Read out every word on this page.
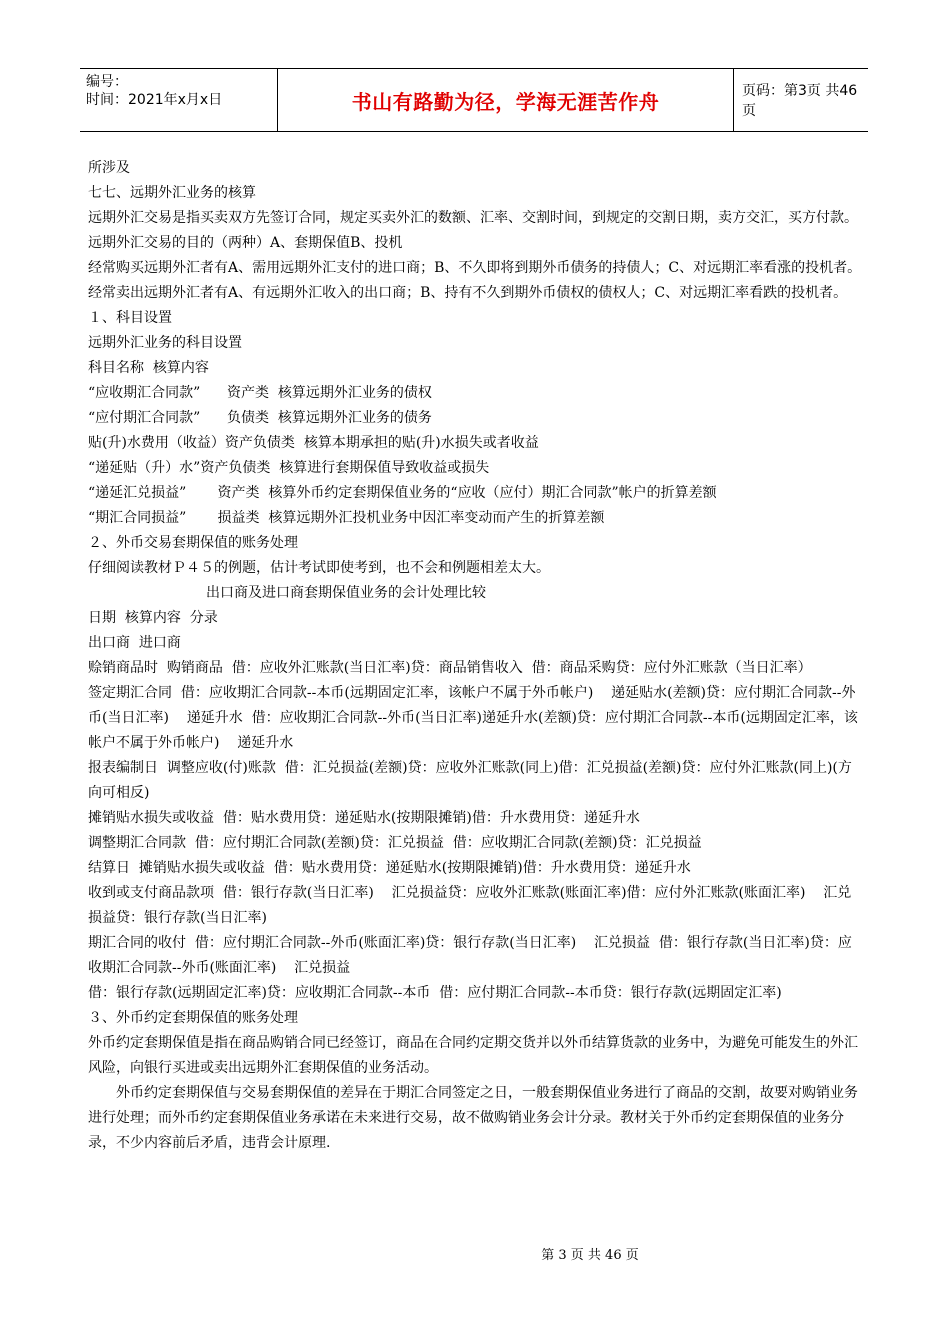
编号：
时间：2021年x月x日	书山有路勤为径，学海无涯苦作舟	页码：第3页 共46页

所涉及

七七、远期外汇业务的核算

远期外汇交易是指买卖双方先签订合同，规定买卖外汇的数额、汇率、交割时间，到规定的交割日期，卖方交汇，买方付款。远期外汇交易的目的（两种）A、套期保值B、投机

经常购买远期外汇者有A、需用远期外汇支付的进口商；B、不久即将到期外币债务的持债人；C、对远期汇率看涨的投机者。经常卖出远期外汇者有A、有远期外汇收入的出口商；B、持有不久到期外币债权的债权人；C、对远期汇率看跌的投机者。

１、科目设置

远期外汇业务的科目设置

科目名称  核算内容

“应收期汇合同款”      资产类  核算远期外汇业务的债权

“应付期汇合同款”      负债类  核算远期外汇业务的债务

贴(升)水费用（收益）资产负债类  核算本期承担的贴(升)水损失或者收益

“递延贴（升）水”资产负债类  核算进行套期保值导致收益或损失

“递延汇兑损益”       资产类  核算外币约定套期保值业务的“应收（应付）期汇合同款”帐户的折算差额

“期汇合同损益”       损益类  核算远期外汇投机业务中因汇率变动而产生的折算差额

２、外币交易套期保值的账务处理

仔细阅读教材Ｐ４５的例题，估计考试即使考到，也不会和例题相差太大。

出口商及进口商套期保值业务的会计处理比较

日期  核算内容  分录

出口商  进口商

赊销商品时  购销商品  借：应收外汇账款(当日汇率)贷：商品销售收入  借：商品采购贷：应付外汇账款（当日汇率）

签定期汇合同  借：应收期汇合同款--本币(远期固定汇率，该帐户不属于外币帐户)    递延贴水(差额)贷：应付期汇合同款--外币(当日汇率)    递延升水  借：应收期汇合同款--外币(当日汇率)递延升水(差额)贷：应付期汇合同款--本币(远期固定汇率，该帐户不属于外币帐户)    递延升水

报表编制日  调整应收(付)账款  借：汇兑损益(差额)贷：应收外汇账款(同上)借：汇兑损益(差额)贷：应付外汇账款(同上)(方向可相反)

摊销贴水损失或收益  借：贴水费用贷：递延贴水(按期限摊销)借：升水费用贷：递延升水

调整期汇合同款  借：应付期汇合同款(差额)贷：汇兑损益  借：应收期汇合同款(差额)贷：汇兑损益

结算日  摊销贴水损失或收益  借：贴水费用贷：递延贴水(按期限摊销)借：升水费用贷：递延升水

收到或支付商品款项  借：银行存款(当日汇率)    汇兑损益贷：应收外汇账款(账面汇率)借：应付外汇账款(账面汇率)    汇兑损益贷：银行存款(当日汇率)

期汇合同的收付  借：应付期汇合同款--外币(账面汇率)贷：银行存款(当日汇率)    汇兑损益  借：银行存款(当日汇率)贷：应收期汇合同款--外币(账面汇率)    汇兑损益

借：银行存款(远期固定汇率)贷：应收期汇合同款--本币  借：应付期汇合同款--本币贷：银行存款(远期固定汇率)

３、外币约定套期保值的账务处理

外币约定套期保值是指在商品购销合同已经签订，商品在合同约定期交货并以外币结算货款的业务中，为避免可能发生的外汇风险，向银行买进或卖出远期外汇套期保值的业务活动。

外币约定套期保值与交易套期保值的差异在于期汇合同签定之日，一般套期保值业务进行了商品的交割，故要对购销业务进行处理；而外币约定套期保值业务承诺在未来进行交易，故不做购销业务会计分录。教材关于外币约定套期保值的业务分录，不少内容前后矛盾，违背会计原理.

第 3 页 共 46 页
